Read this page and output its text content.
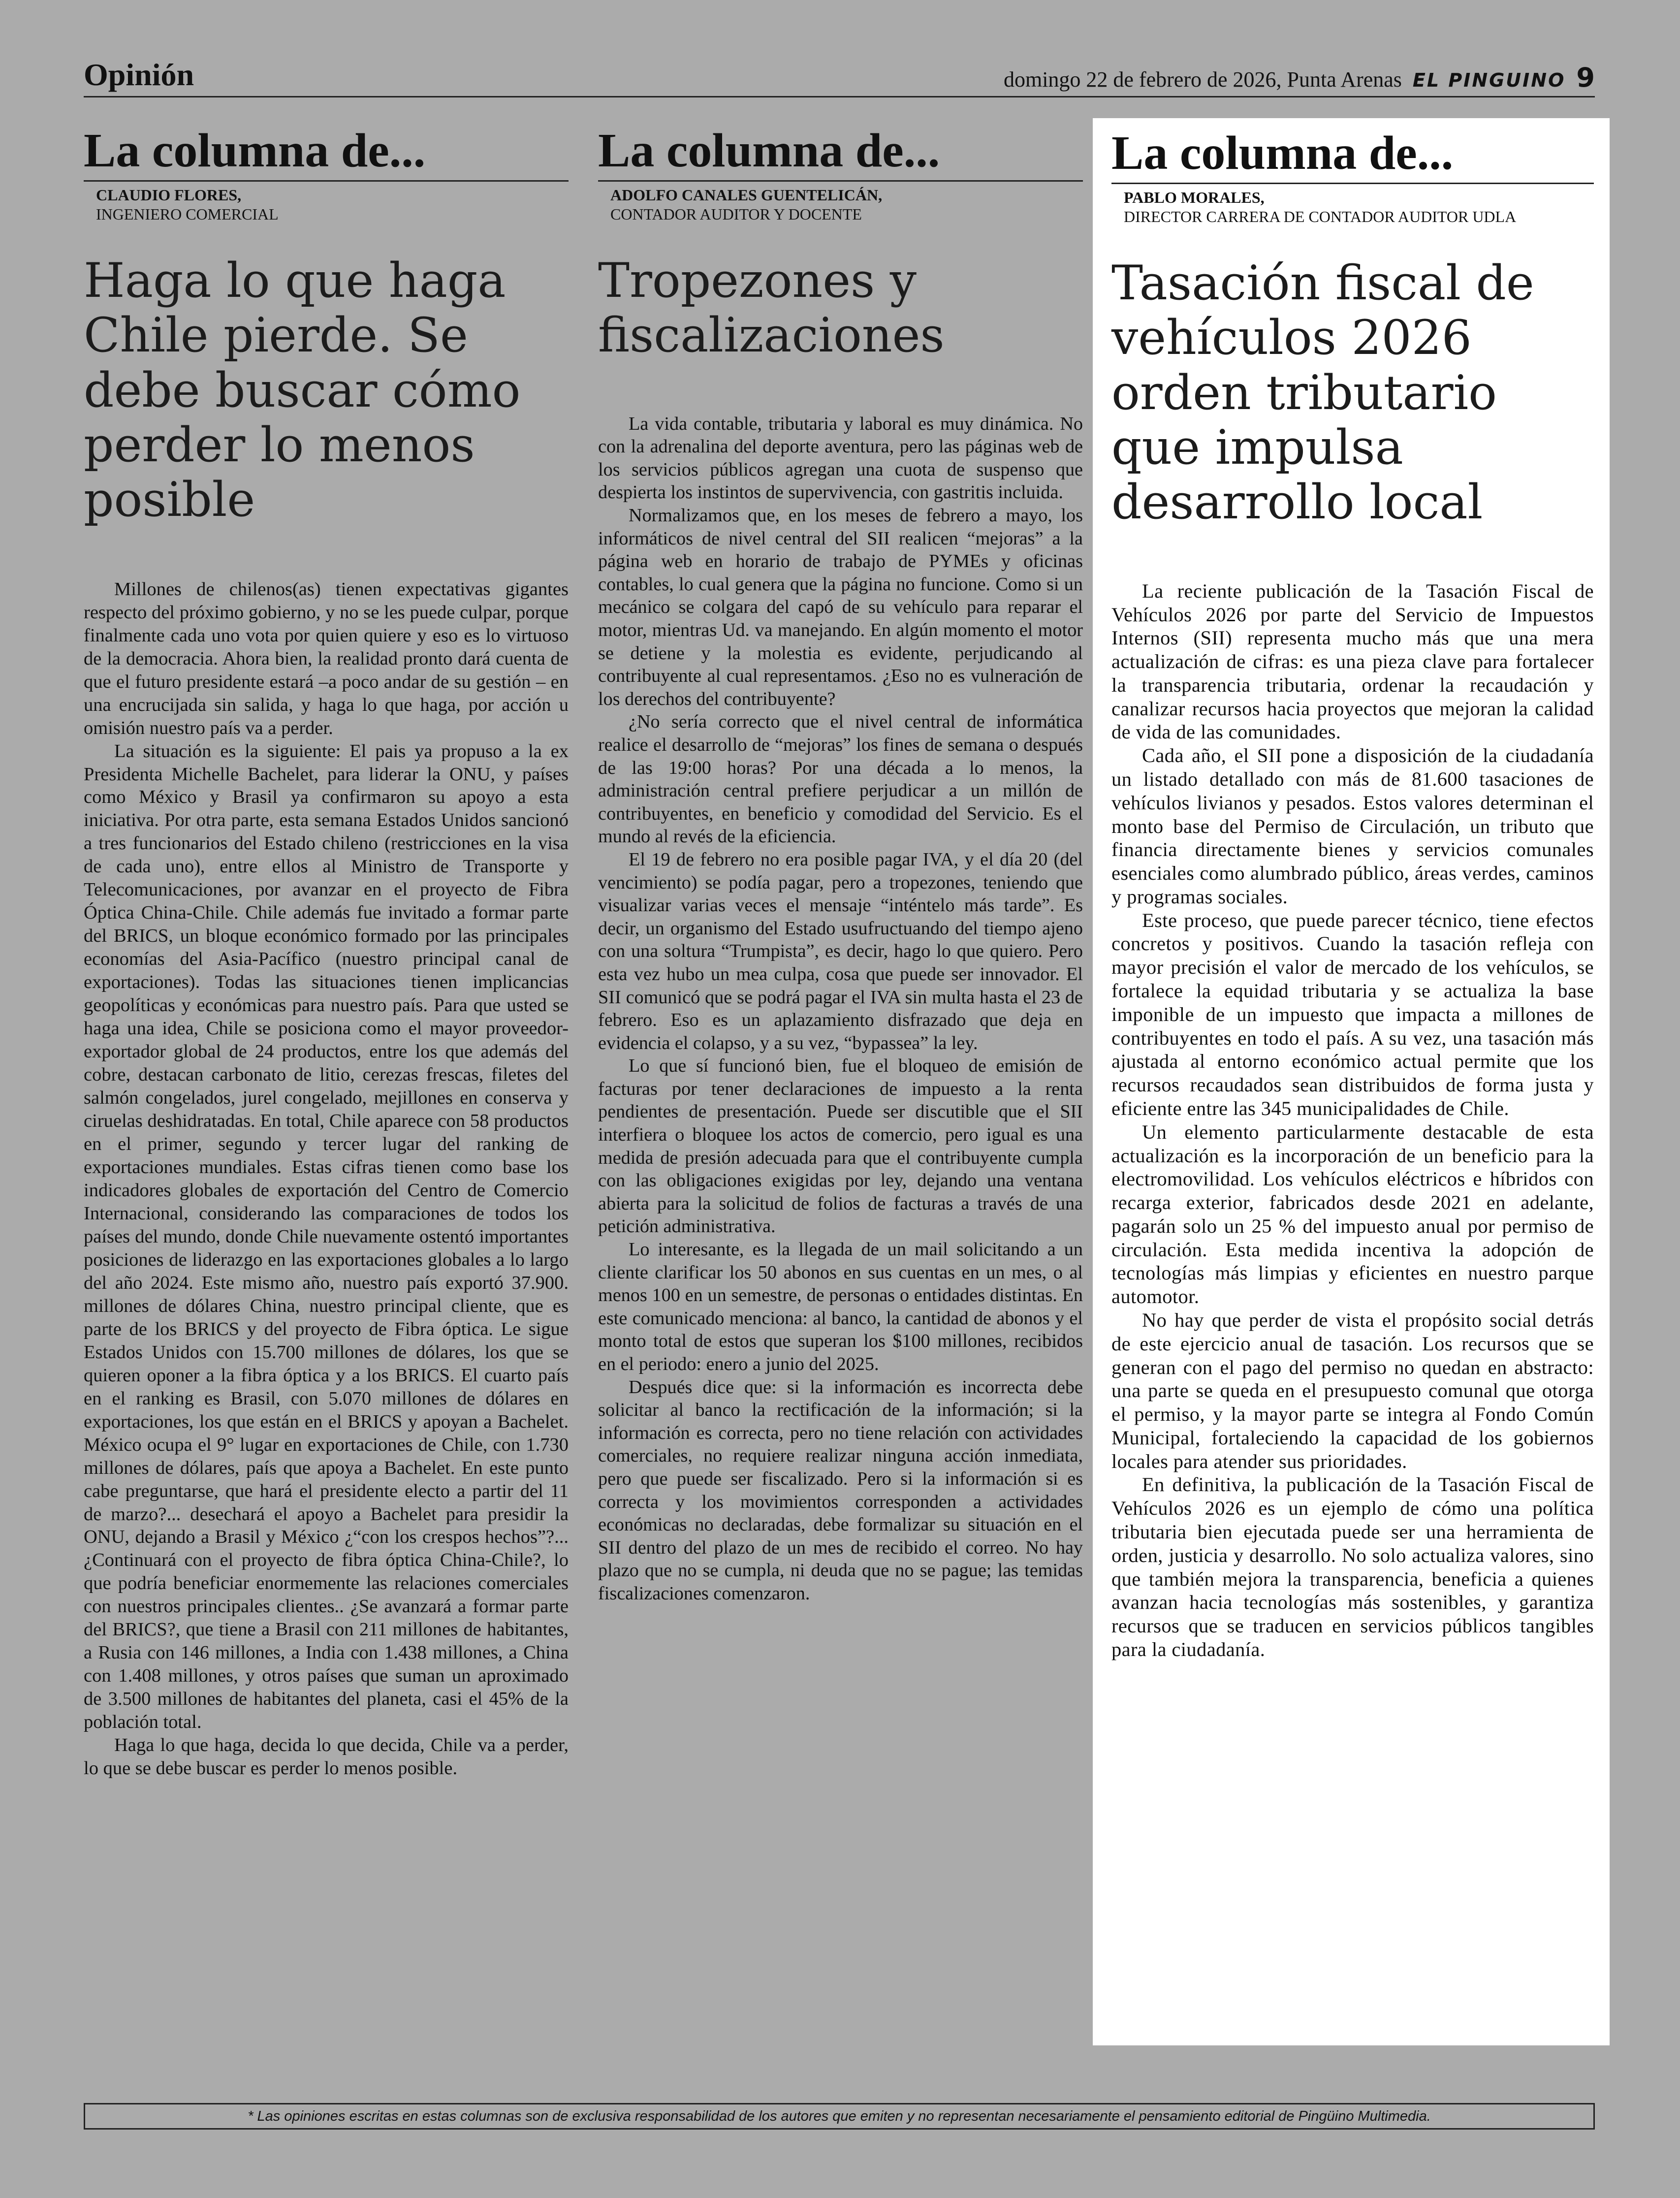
Opinión	domingo 22 de febrero de 2026, Punta Arenas EL PINGUINO 9
La columna de...
CLAUDIO FLORES,
INGENIERO COMERCIAL
Haga lo que haga Chile pierde. Se debe buscar cómo perder lo menos posible

Millones de chilenos(as) tienen expectativas gigantes respecto del próximo gobierno, y no se les puede culpar, porque finalmente cada uno vota por quien quiere y eso es lo virtuoso de la democracia. Ahora bien, la realidad pronto dará cuenta de que el futuro presidente estará –a poco andar de su gestión – en una encrucijada sin salida, y haga lo que haga, por acción u omisión nuestro país va a perder.

La situación es la siguiente: El pais ya propuso a la ex Presidenta Michelle Bachelet, para liderar la ONU, y países como México y Brasil ya confirmaron su apoyo a esta iniciativa. Por otra parte, esta semana Estados Unidos sancionó a tres funcionarios del Estado chileno (restricciones en la visa de cada uno), entre ellos al Ministro de Transporte y Telecomunicaciones, por avanzar en el proyecto de Fibra Óptica China-Chile. Chile además fue invitado a formar parte del BRICS, un bloque económico formado por las principales economías del Asia-Pacífico (nuestro principal canal de exportaciones). Todas las situaciones tienen implicancias geopolíticas y económicas para nuestro país. Para que usted se haga una idea, Chile se posiciona como el mayor proveedor-exportador global de 24 productos, entre los que además del cobre, destacan carbonato de litio, cerezas frescas, filetes del salmón congelados, jurel congelado, mejillones en conserva y ciruelas deshidratadas. En total, Chile aparece con 58 productos en el primer, segundo y tercer lugar del ranking de exportaciones mundiales. Estas cifras tienen como base los indicadores globales de exportación del Centro de Comercio Internacional, considerando las comparaciones de todos los países del mundo, donde Chile nuevamente ostentó importantes posiciones de liderazgo en las exportaciones globales a lo largo del año 2024. Este mismo año, nuestro país exportó 37.900. millones de dólares China, nuestro principal cliente, que es parte de los BRICS y del proyecto de Fibra óptica. Le sigue Estados Unidos con 15.700 millones de dólares, los que se quieren oponer a la fibra óptica y a los BRICS. El cuarto país en el ranking es Brasil, con 5.070 millones de dólares en exportaciones, los que están en el BRICS y apoyan a Bachelet. México ocupa el 9° lugar en exportaciones de Chile, con 1.730 millones de dólares, país que apoya a Bachelet. En este punto cabe preguntarse, que hará el presidente electo a partir del 11 de marzo?... desechará el apoyo a Bachelet para presidir la ONU, dejando a Brasil y México ¿“con los crespos hechos”?... ¿Continuará con el proyecto de fibra óptica China-Chile?, lo que podría beneficiar enormemente las relaciones comerciales con nuestros principales clientes.. ¿Se avanzará a formar parte del BRICS?, que tiene a Brasil con 211 millones de habitantes, a Rusia con 146 millones, a India con 1.438 millones, a China con 1.408 millones, y otros países que suman un aproximado de 3.500 millones de habitantes del planeta, casi el 45% de la población total.

Haga lo que haga, decida lo que decida, Chile va a perder, lo que se debe buscar es perder lo menos posible.

La columna de...
ADOLFO CANALES GUENTELICÁN,
CONTADOR AUDITOR Y DOCENTE
Tropezones y fiscalizaciones

La vida contable, tributaria y laboral es muy dinámica. No con la adrenalina del deporte aventura, pero las páginas web de los servicios públicos agregan una cuota de suspenso que despierta los instintos de supervivencia, con gastritis incluida.

Normalizamos que, en los meses de febrero a mayo, los informáticos de nivel central del SII realicen “mejoras” a la página web en horario de trabajo de PYMEs y oficinas contables, lo cual genera que la página no funcione. Como si un mecánico se colgara del capó de su vehículo para reparar el motor, mientras Ud. va manejando. En algún momento el motor se detiene y la molestia es evidente, perjudicando al contribuyente al cual representamos. ¿Eso no es vulneración de los derechos del contribuyente?

¿No sería correcto que el nivel central de informática realice el desarrollo de “mejoras” los fines de semana o después de las 19:00 horas? Por una década a lo menos, la administración central prefiere perjudicar a un millón de contribuyentes, en beneficio y comodidad del Servicio. Es el mundo al revés de la eficiencia.

El 19 de febrero no era posible pagar IVA, y el día 20 (del vencimiento) se podía pagar, pero a tropezones, teniendo que visualizar varias veces el mensaje “inténtelo más tarde”. Es decir, un organismo del Estado usufructuando del tiempo ajeno con una soltura “Trumpista”, es decir, hago lo que quiero. Pero esta vez hubo un mea culpa, cosa que puede ser innovador. El SII comunicó que se podrá pagar el IVA sin multa hasta el 23 de febrero. Eso es un aplazamiento disfrazado que deja en evidencia el colapso, y a su vez, “bypassea” la ley.

Lo que sí funcionó bien, fue el bloqueo de emisión de facturas por tener declaraciones de impuesto a la renta pendientes de presentación. Puede ser discutible que el SII interfiera o bloquee los actos de comercio, pero igual es una medida de presión adecuada para que el contribuyente cumpla con las obligaciones exigidas por ley, dejando una ventana abierta para la solicitud de folios de facturas a través de una petición administrativa.

Lo interesante, es la llegada de un mail solicitando a un cliente clarificar los 50 abonos en sus cuentas en un mes, o al menos 100 en un semestre, de personas o entidades distintas. En este comunicado menciona: al banco, la cantidad de abonos y el monto total de estos que superan los $100 millones, recibidos en el periodo: enero a junio del 2025.

Después dice que: si la información es incorrecta debe solicitar al banco la rectificación de la información; si la información es correcta, pero no tiene relación con actividades comerciales, no requiere realizar ninguna acción inmediata, pero que puede ser fiscalizado. Pero si la información si es correcta y los movimientos corresponden a actividades económicas no declaradas, debe formalizar su situación en el SII dentro del plazo de un mes de recibido el correo. No hay plazo que no se cumpla, ni deuda que no se pague; las temidas fiscalizaciones comenzaron.

La columna de...
PABLO MORALES,
DIRECTOR CARRERA DE CONTADOR AUDITOR UDLA
Tasación fiscal de vehículos 2026 orden tributario que impulsa desarrollo local

La reciente publicación de la Tasación Fiscal de Vehículos 2026 por parte del Servicio de Impuestos Internos (SII) representa mucho más que una mera actualización de cifras: es una pieza clave para fortalecer la transparencia tributaria, ordenar la recaudación y canalizar recursos hacia proyectos que mejoran la calidad de vida de las comunidades.

Cada año, el SII pone a disposición de la ciudadanía un listado detallado con más de 81.600 tasaciones de vehículos livianos y pesados. Estos valores determinan el monto base del Permiso de Circulación, un tributo que financia directamente bienes y servicios comunales esenciales como alumbrado público, áreas verdes, caminos y programas sociales.

Este proceso, que puede parecer técnico, tiene efectos concretos y positivos. Cuando la tasación refleja con mayor precisión el valor de mercado de los vehículos, se fortalece la equidad tributaria y se actualiza la base imponible de un impuesto que impacta a millones de contribuyentes en todo el país. A su vez, una tasación más ajustada al entorno económico actual permite que los recursos recaudados sean distribuidos de forma justa y eficiente entre las 345 municipalidades de Chile.

Un elemento particularmente destacable de esta actualización es la incorporación de un beneficio para la electromovilidad. Los vehículos eléctricos e híbridos con recarga exterior, fabricados desde 2021 en adelante, pagarán solo un 25 % del impuesto anual por permiso de circulación. Esta medida incentiva la adopción de tecnologías más limpias y eficientes en nuestro parque automotor.

No hay que perder de vista el propósito social detrás de este ejercicio anual de tasación. Los recursos que se generan con el pago del permiso no quedan en abstracto: una parte se queda en el presupuesto comunal que otorga el permiso, y la mayor parte se integra al Fondo Común Municipal, fortaleciendo la capacidad de los gobiernos locales para atender sus prioridades.

En definitiva, la publicación de la Tasación Fiscal de Vehículos 2026 es un ejemplo de cómo una política tributaria bien ejecutada puede ser una herramienta de orden, justicia y desarrollo. No solo actualiza valores, sino que también mejora la transparencia, beneficia a quienes avanzan hacia tecnologías más sostenibles, y garantiza recursos que se traducen en servicios públicos tangibles para la ciudadanía.

* Las opiniones escritas en estas columnas son de exclusiva responsabilidad de los autores que emiten y no representan necesariamente el pensamiento editorial de Pingüino Multimedia.
